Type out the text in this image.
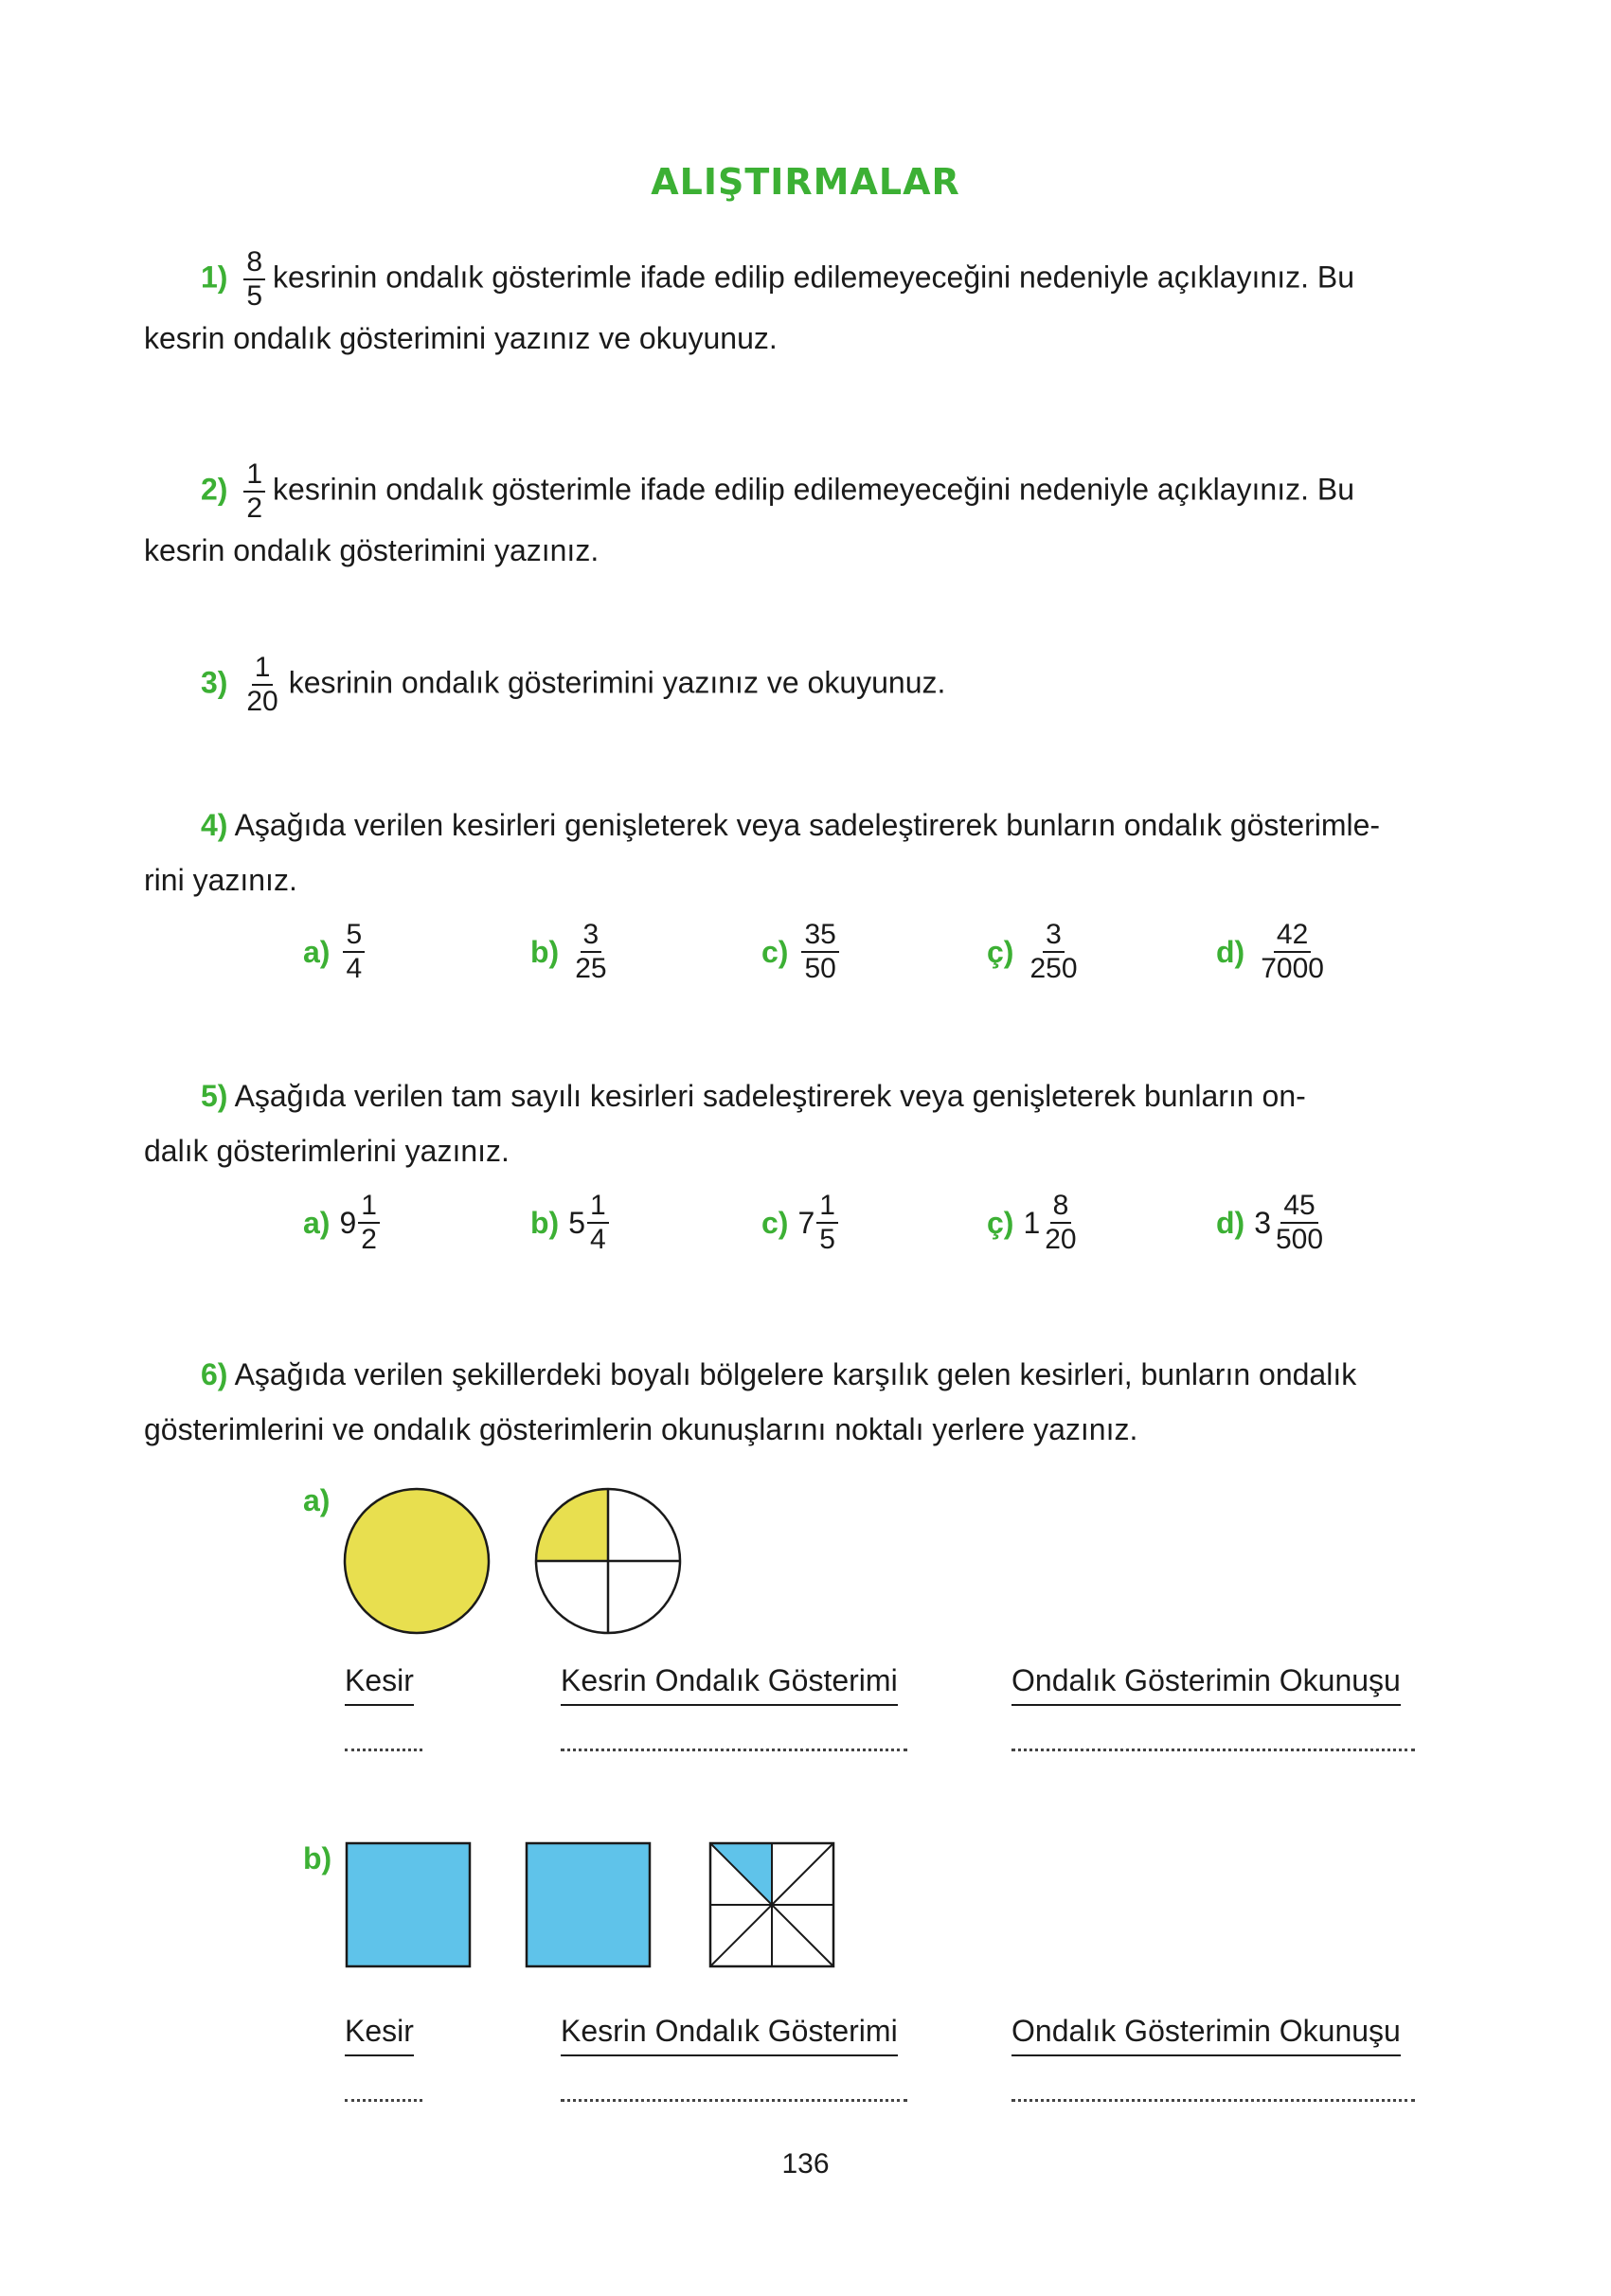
ALIŞTIRMALAR
$1) \frac{8}{5}$ kesrinin ondalık gösterimle ifade edilip edilemeyeceğini nedeniyle açıklayınız. Bu
kesrin ondalık gösterimini yazınız ve okuyunuz.
$2) \frac{1}{2}$ kesrinin ondalık gösterimle ifade edilip edilemeyeceğini nedeniyle açıklayınız. Bu
kesrin ondalık gösterimini yazınız.
$3) \frac{1}{20}$ kesrinin ondalık gösterimini yazınız ve okuyunuz.
4) Aşağıda verilen kesirleri genişleterek veya sadeleştirerek bunların ondalık gösterimle-
rini yazınız.
$a) \frac{5}{4}$	$b) \frac{3}{25}$	$c) \frac{35}{50}$	ç) $\frac{3}{250}$	$d) \frac{42}{7000}$
5) Aşağıda verilen tam sayılı kesirleri sadeleştirerek veya genişleterek bunların on-
dalık gösterimlerini yazınız.
a) $9 \frac{1}{2}$	b) $5 \frac{1}{4}$	c) $7 \frac{1}{5}$	ç) $1 \frac{8}{20}$	d) $3 \frac{45}{500}$
6) Aşağıda verilen şekillerdeki boyalı bölgelere karşılık gelen kesirleri, bunların ondalık
gösterimlerini ve ondalık gösterimlerin okunuşlarını noktalı yerlere yazınız.
a)
Kesir	Kesrin Ondalık Gösterimi	Ondalık Gösterimin Okunuşu
b)
Kesir	Kesrin Ondalık Gösterimi	Ondalık Gösterimin Okunuşu
136
